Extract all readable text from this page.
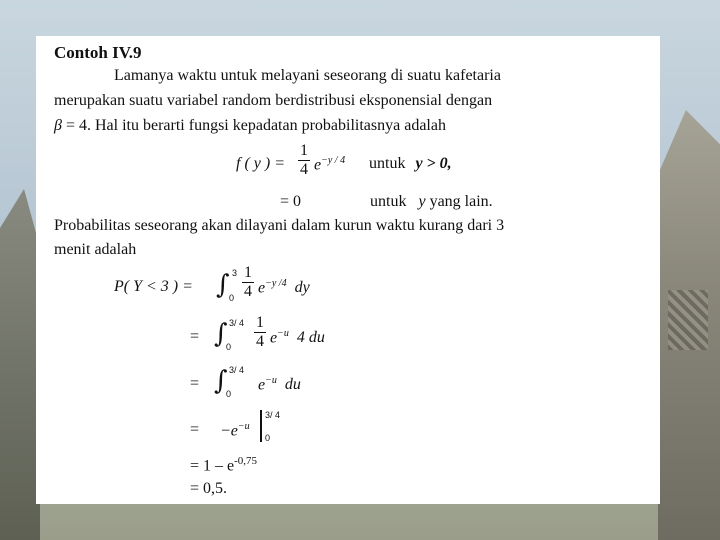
Contoh IV.9
Lamanya waktu untuk melayani seseorang di suatu kafetaria
merupakan suatu variabel random berdistribusi eksponensial dengan
β = 4. Hal itu berarti fungsi kepadatan probabilitasnya adalah
f ( y ) =
1
4 $e^{-y / 4}$ untuk y > 0,
= 0	untuk y yang lain.
Probabilitas seseorang akan dilayani dalam kurun waktu kurang dari 3
menit adalah
P( Y < 3 ) = ∫ 3
0
1
4 $e^{-y /4}$ dy
= ∫ 3/ 4
0
1
4 $e^{-u}$ 4 du
= ∫ 3/ 4
0
$e^{-u}$ du
= $-e^{-u}$
3/ 4
0
= $1 - e^{-0,75}$
= 0,5.
